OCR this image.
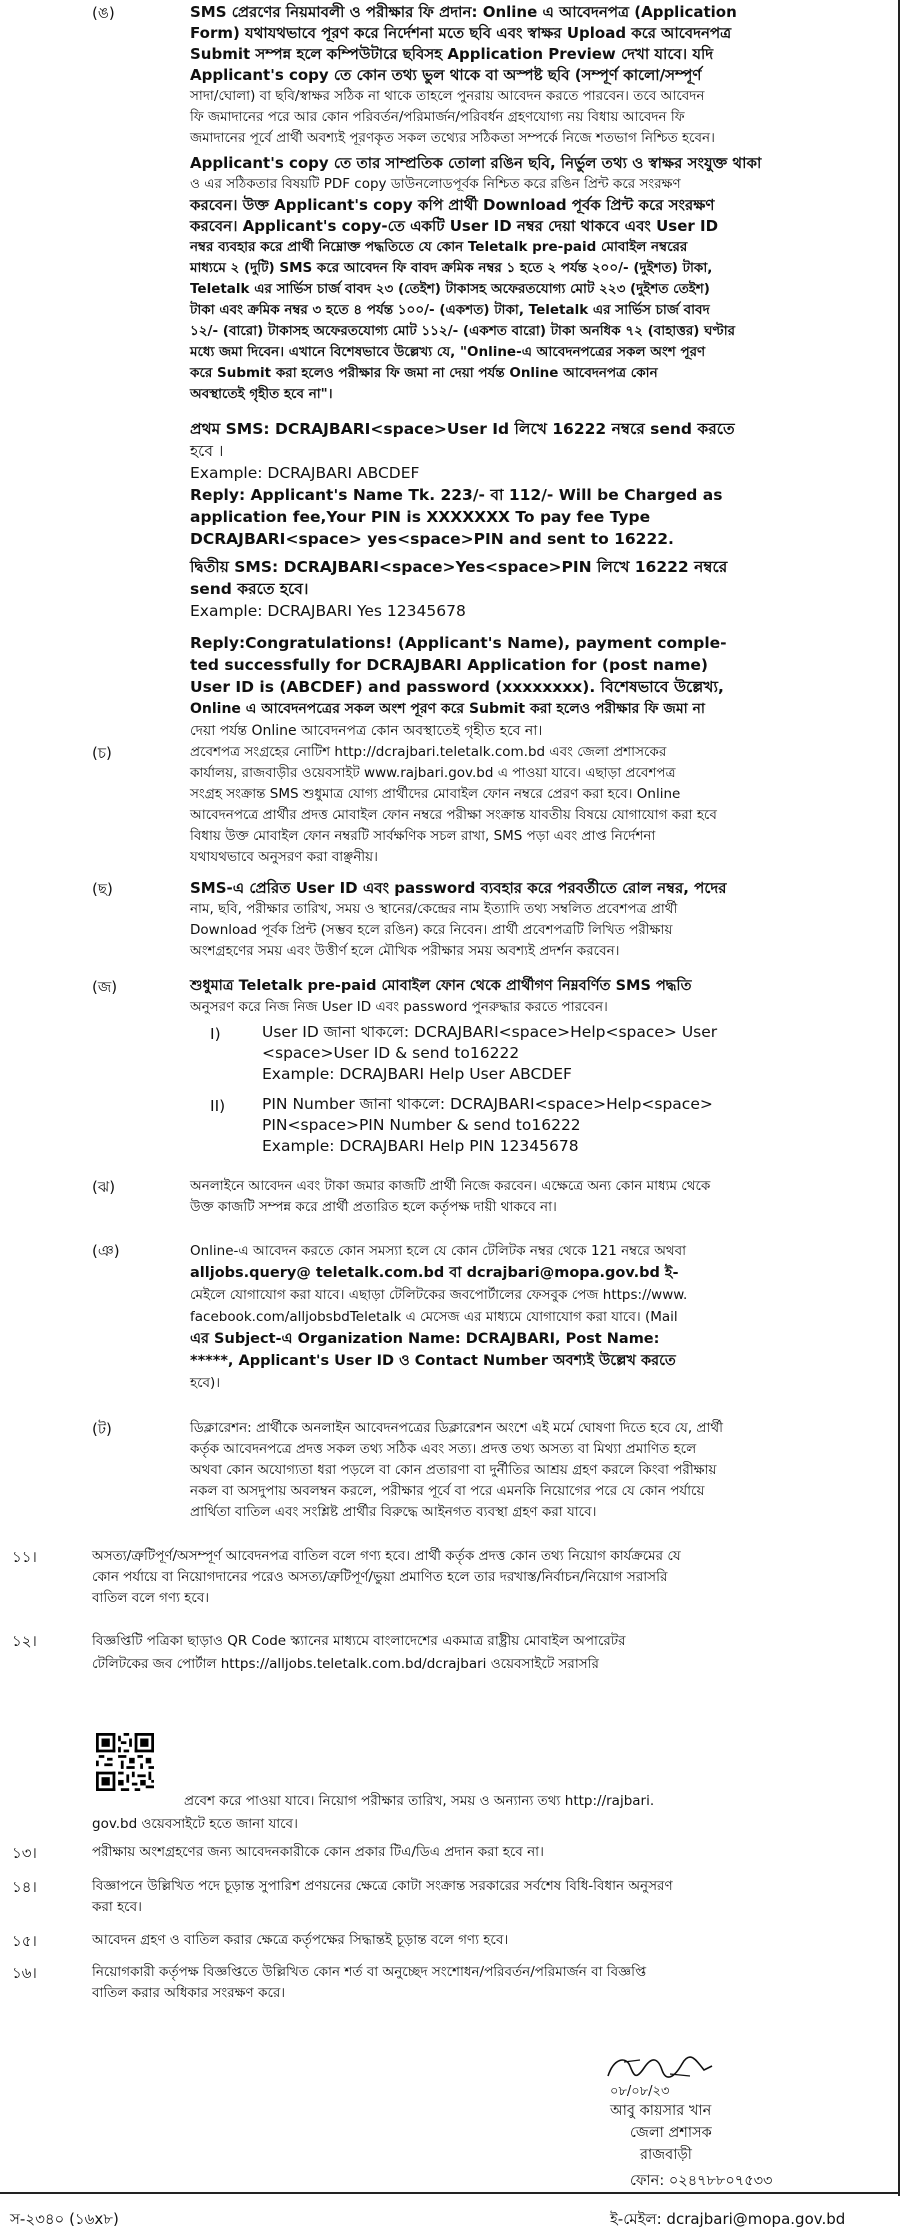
(ঙ)	SMS প্রেরণের নিয়মাবলী ও পরীক্ষার ফি প্রদান: Online এ আবেদনপত্র (Application
Form) যথাযথভাবে পূরণ করে নির্দেশনা মতে ছবি এবং স্বাক্ষর Upload করে আবেদনপত্র
Submit সম্পন্ন হলে কম্পিউটারে ছবিসহ Application Preview দেখা যাবে। যদি
Applicant's copy তে কোন তথ্য ভুল থাকে বা অস্পষ্ট ছবি (সম্পূর্ণ কালো/সম্পূর্ণ
সাদা/ঘোলা) বা ছবি/স্বাক্ষর সঠিক না থাকে তাহলে পুনরায় আবেদন করতে পারবেন। তবে আবেদন
ফি জমাদানের পরে আর কোন পরিবর্তন/পরিমার্জন/পরিবর্ধন গ্রহণযোগ্য নয় বিধায় আবেদন ফি
জমাদানের পূর্বে প্রার্থী অবশ্যই পূরণকৃত সকল তথ্যের সঠিকতা সম্পর্কে নিজে শতভাগ নিশ্চিত হবেন।
Applicant's copy তে তার সাম্প্রতিক তোলা রঙিন ছবি, নির্ভুল তথ্য ও স্বাক্ষর সংযুক্ত থাকা
ও এর সঠিকতার বিষয়টি PDF copy ডাউনলোডপূর্বক নিশ্চিত করে রঙিন প্রিন্ট করে সংরক্ষণ
করবেন। উক্ত Applicant's copy কপি প্রার্থী Download পূর্বক প্রিন্ট করে সংরক্ষণ
করবেন। Applicant's copy-তে একটি User ID নম্বর দেয়া থাকবে এবং User ID
নম্বর ব্যবহার করে প্রার্থী নিম্নোক্ত পদ্ধতিতে যে কোন Teletalk pre-paid মোবাইল নম্বরের
মাধ্যমে ২ (দুটি) SMS করে আবেদন ফি বাবদ ক্রমিক নম্বর ১ হতে ২ পর্যন্ত ২০০/- (দুইশত) টাকা,
Teletalk এর সার্ভিস চার্জ বাবদ ২৩ (তেইশ) টাকাসহ অফেরতযোগ্য মোট ২২৩ (দুইশত তেইশ)
টাকা এবং ক্রমিক নম্বর ৩ হতে ৪ পর্যন্ত ১০০/- (একশত) টাকা, Teletalk এর সার্ভিস চার্জ বাবদ
১২/- (বারো) টাকাসহ অফেরতযোগ্য মোট ১১২/- (একশত বারো) টাকা অনধিক ৭২ (বাহাত্তর) ঘণ্টার
মধ্যে জমা দিবেন। এখানে বিশেষভাবে উল্লেখ্য যে, "Online-এ আবেদনপত্রের সকল অংশ পূরণ
করে Submit করা হলেও পরীক্ষার ফি জমা না দেয়া পর্যন্ত Online আবেদনপত্র কোন
অবস্থাতেই গৃহীত হবে না"।
প্রথম SMS: DCRAJBARI<space>User Id লিখে 16222 নম্বরে send করতে
হবে ।
Example: DCRAJBARI ABCDEF
Reply: Applicant's Name Tk. 223/- বা 112/- Will be Charged as
application fee,Your PIN is XXXXXXX To pay fee Type
DCRAJBARI<space> yes<space>PIN and sent to 16222.
দ্বিতীয় SMS: DCRAJBARI<space>Yes<space>PIN লিখে 16222 নম্বরে
send করতে হবে।
Example: DCRAJBARI Yes 12345678
Reply:Congratulations! (Applicant's Name), payment comple-
ted successfully for DCRAJBARI Application for (post name)
User ID is (ABCDEF) and password (xxxxxxxx). বিশেষভাবে উল্লেখ্য,
Online এ আবেদনপত্রের সকল অংশ পূরণ করে Submit করা হলেও পরীক্ষার ফি জমা না
দেয়া পর্যন্ত Online আবেদনপত্র কোন অবস্থাতেই গৃহীত হবে না।
(চ)	প্রবেশপত্র সংগ্রহের নোটিশ http://dcrajbari.teletalk.com.bd এবং জেলা প্রশাসকের
কার্যালয়, রাজবাড়ীর ওয়েবসাইট www.rajbari.gov.bd এ পাওয়া যাবে। এছাড়া প্রবেশপত্র
সংগ্রহ সংক্রান্ত SMS শুধুমাত্র যোগ্য প্রার্থীদের মোবাইল ফোন নম্বরে প্রেরণ করা হবে। Online
আবেদনপত্রে প্রার্থীর প্রদত্ত মোবাইল ফোন নম্বরে পরীক্ষা সংক্রান্ত যাবতীয় বিষয়ে যোগাযোগ করা হবে
বিধায় উক্ত মোবাইল ফোন নম্বরটি সার্বক্ষণিক সচল রাখা, SMS পড়া এবং প্রাপ্ত নির্দেশনা
যথাযথভাবে অনুসরণ করা বাঞ্ছনীয়।
(ছ)	SMS-এ প্রেরিত User ID এবং password ব্যবহার করে পরবর্তীতে রোল নম্বর, পদের
নাম, ছবি, পরীক্ষার তারিখ, সময় ও স্থানের/কেন্দ্রের নাম ইত্যাদি তথ্য সম্বলিত প্রবেশপত্র প্রার্থী
Download পূর্বক প্রিন্ট (সম্ভব হলে রঙিন) করে নিবেন। প্রার্থী প্রবেশপত্রটি লিখিত পরীক্ষায়
অংশগ্রহণের সময় এবং উত্তীর্ণ হলে মৌখিক পরীক্ষার সময় অবশ্যই প্রদর্শন করবেন।
(জ)	শুধুমাত্র Teletalk pre-paid মোবাইল ফোন থেকে প্রার্থীগণ নিম্নবর্ণিত SMS পদ্ধতি
অনুসরণ করে নিজ নিজ User ID এবং password পুনরুদ্ধার করতে পারবেন।
I)	User ID জানা থাকলে: DCRAJBARI<space>Help<space> User
<space>User ID & send to16222
Example: DCRAJBARI Help User ABCDEF
II) PIN Number জানা থাকলে: DCRAJBARI<space>Help<space>
PIN<space>PIN Number & send to16222
Example: DCRAJBARI Help PIN 12345678
(ঝ)	অনলাইনে আবেদন এবং টাকা জমার কাজটি প্রার্থী নিজে করবেন। এক্ষেত্রে অন্য কোন মাধ্যম থেকে
উক্ত কাজটি সম্পন্ন করে প্রার্থী প্রতারিত হলে কর্তৃপক্ষ দায়ী থাকবে না।
(ঞ)	Online-এ আবেদন করতে কোন সমস্যা হলে যে কোন টেলিটক নম্বর থেকে 121 নম্বরে অথবা
alljobs.query@ teletalk.com.bd বা dcrajbari@mopa.gov.bd ই-
মেইলে যোগাযোগ করা যাবে। এছাড়া টেলিটকের জবপোর্টালের ফেসবুক পেজ https://www.
facebook.com/alljobsbdTeletalk এ মেসেজ এর মাধ্যমে যোগাযোগ করা যাবে। (Mail
এর Subject-এ Organization Name: DCRAJBARI, Post Name:
*****, Applicant's User ID ও Contact Number অবশ্যই উল্লেখ করতে
হবে)।
(ট)	ডিক্লারেশন: প্রার্থীকে অনলাইন আবেদনপত্রের ডিক্লারেশন অংশে এই মর্মে ঘোষণা দিতে হবে যে, প্রার্থী
কর্তৃক আবেদনপত্রে প্রদত্ত সকল তথ্য সঠিক এবং সত্য। প্রদত্ত তথ্য অসত্য বা মিথ্যা প্রমাণিত হলে
অথবা কোন অযোগ্যতা ধরা পড়লে বা কোন প্রতারণা বা দুর্নীতির আশ্রয় গ্রহণ করলে কিংবা পরীক্ষায়
নকল বা অসদুপায় অবলম্বন করলে, পরীক্ষার পূর্বে বা পরে এমনকি নিয়োগের পরে যে কোন পর্যায়ে
প্রার্থিতা বাতিল এবং সংশ্লিষ্ট প্রার্থীর বিরুদ্ধে আইনগত ব্যবস্থা গ্রহণ করা যাবে।
১১।	অসত্য/ত্রুটিপূর্ণ/অসম্পূর্ণ আবেদনপত্র বাতিল বলে গণ্য হবে। প্রার্থী কর্তৃক প্রদত্ত কোন তথ্য নিয়োগ কার্যক্রমের যে
কোন পর্যায়ে বা নিয়োগদানের পরেও অসত্য/ত্রুটিপূর্ণ/ভুয়া প্রমাণিত হলে তার দরখাস্ত/নির্বাচন/নিয়োগ সরাসরি
বাতিল বলে গণ্য হবে।
১২।	বিজ্ঞপ্তিটি পত্রিকা ছাড়াও QR Code স্ক্যানের মাধ্যমে বাংলাদেশের একমাত্র রাষ্ট্রীয় মোবাইল অপারেটর
টেলিটকের জব পোর্টাল https://alljobs.teletalk.com.bd/dcrajbari ওয়েবসাইটে সরাসরি
প্রবেশ করে পাওয়া যাবে। নিয়োগ পরীক্ষার তারিখ, সময় ও অন্যান্য তথ্য http://rajbari.
gov.bd ওয়েবসাইটে হতে জানা যাবে।
১৩।	পরীক্ষায় অংশগ্রহণের জন্য আবেদনকারীকে কোন প্রকার টিএ/ডিএ প্রদান করা হবে না।
১৪।	বিজ্ঞাপনে উল্লিখিত পদে চূড়ান্ত সুপারিশ প্রণয়নের ক্ষেত্রে কোটা সংক্রান্ত সরকারের সর্বশেষ বিধি-বিধান অনুসরণ
করা হবে।
১৫।	আবেদন গ্রহণ ও বাতিল করার ক্ষেত্রে কর্তৃপক্ষের সিদ্ধান্তই চূড়ান্ত বলে গণ্য হবে।
১৬।	নিয়োগকারী কর্তৃপক্ষ বিজ্ঞপ্তিতে উল্লিখিত কোন শর্ত বা অনুচ্ছেদ সংশোধন/পরিবর্তন/পরিমার্জন বা বিজ্ঞপ্তি
বাতিল করার অধিকার সংরক্ষণ করে।
০৮/০৮/২৩
আবু কায়সার খান
জেলা প্রশাসক
রাজবাড়ী
ফোন: ০২৪৭৮৮০৭৫৩৩
স-২৩৪০ (১৬x৮)	ই-মেইল: dcrajbari@mopa.gov.bd
